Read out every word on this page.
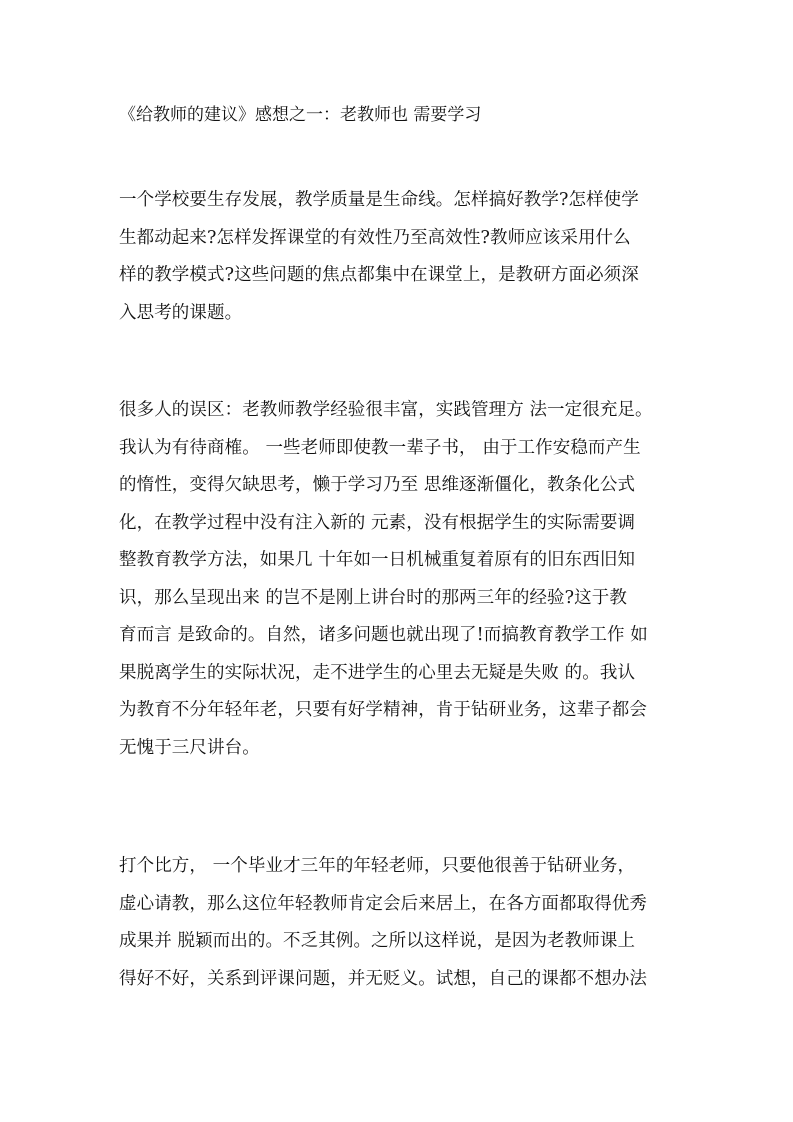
《给教师的建议》感想之一：老教师也 需要学习
一个学校要生存发展，教学质量是生命线。怎样搞好教学?怎样使学
生都动起来?怎样发挥课堂的有效性乃至高效性?教师应该采用什么
样的教学模式?这些问题的焦点都集中在课堂上，是教研方面必须深
入思考的课题。
很多人的误区：老教师教学经验很丰富，实践管理方 法一定很充足。
我认为有待商榷。 一些老师即使教一辈子书， 由于工作安稳而产生
的惰性，变得欠缺思考，懒于学习乃至 思维逐渐僵化，教条化公式
化，在教学过程中没有注入新的 元素，没有根据学生的实际需要调
整教育教学方法，如果几 十年如一日机械重复着原有的旧东西旧知
识，那么呈现出来 的岂不是刚上讲台时的那两三年的经验?这于教
育而言 是致命的。自然，诸多问题也就出现了!而搞教育教学工作 如
果脱离学生的实际状况，走不进学生的心里去无疑是失败 的。我认
为教育不分年轻年老，只要有好学精神，肯于钻研业务，这辈子都会
无愧于三尺讲台。
打个比方， 一个毕业才三年的年轻老师，只要他很善于钻研业务，
虚心请教，那么这位年轻教师肯定会后来居上，在各方面都取得优秀
成果并 脱颖而出的。不乏其例。之所以这样说，是因为老教师课上
得好不好，关系到评课问题，并无贬义。试想，自己的课都不想办法
